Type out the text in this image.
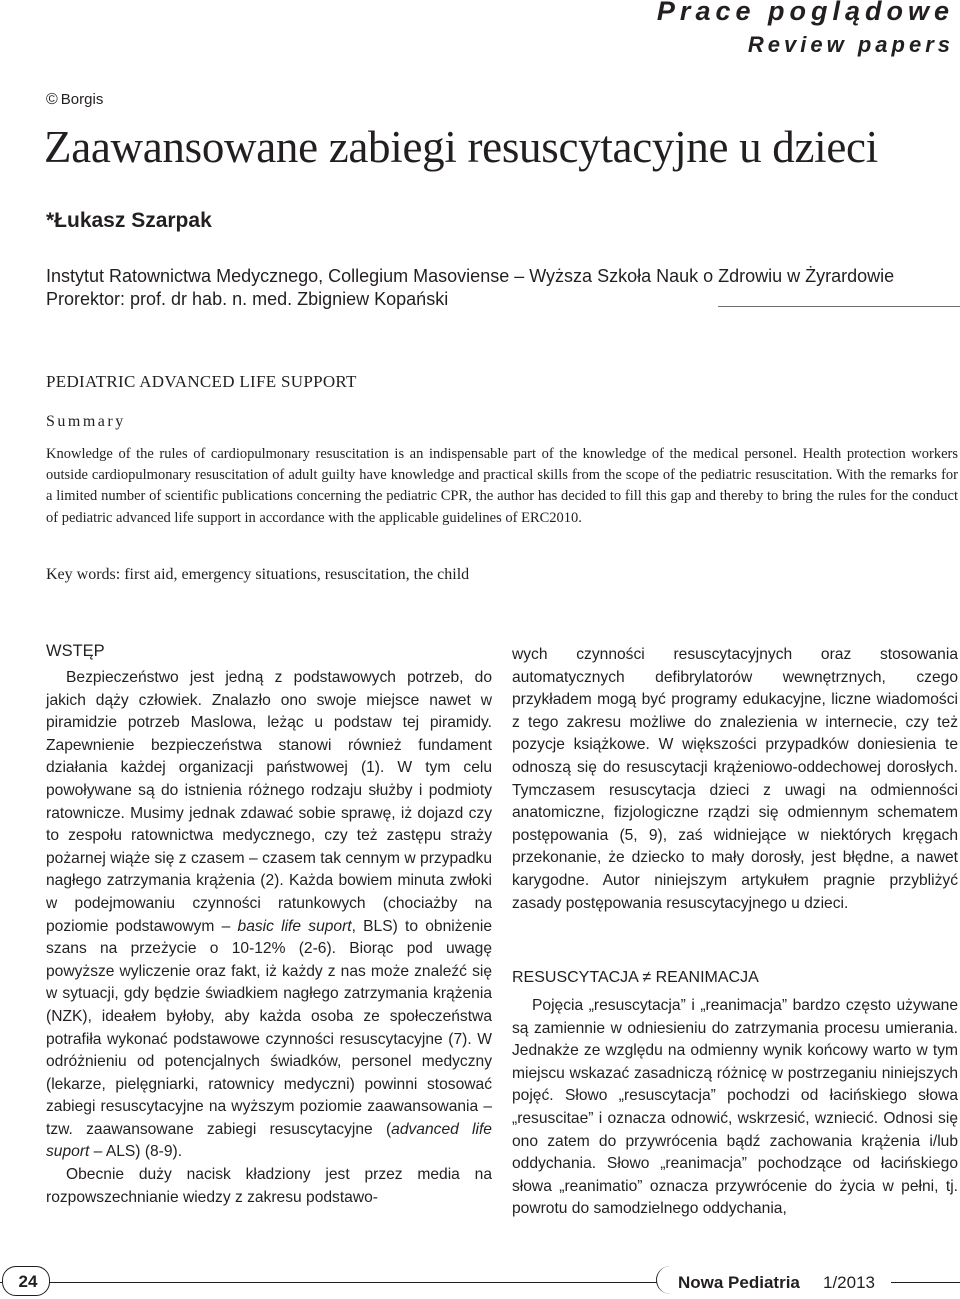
Prace poglądowe
Review papers
© Borgis
Zaawansowane zabiegi resuscytacyjne u dzieci
*Łukasz Szarpak
Instytut Ratownictwa Medycznego, Collegium Masoviense – Wyższa Szkoła Nauk o Zdrowiu w Żyrardowie
Prorektor: prof. dr hab. n. med. Zbigniew Kopański
PEDIATRIC ADVANCED LIFE SUPPORT
Summary

Knowledge of the rules of cardiopulmonary resuscitation is an indispensable part of the knowledge of the medical personel. Health protection workers outside cardiopulmonary resuscitation of adult guilty have knowledge and practical skills from the scope of the pediatric resuscitation. With the remarks for a limited number of scientific publications concerning the pediatric CPR, the author has decided to fill this gap and thereby to bring the rules for the conduct of pediatric advanced life support in accordance with the applicable guidelines of ERC2010.

Key words: first aid, emergency situations, resuscitation, the child
WSTĘP

Bezpieczeństwo jest jedną z podstawowych potrzeb, do jakich dąży człowiek. Znalazło ono swoje miejsce nawet w piramidzie potrzeb Maslowa, leżąc u podstaw tej piramidy. Zapewnienie bezpieczeństwa stanowi również fundament działania każdej organizacji państwowej (1). W tym celu powoływane są do istnienia różnego rodzaju służby i podmioty ratownicze. Musimy jednak zdawać sobie sprawę, iż dojazd czy to zespołu ratownictwa medycznego, czy też zastępu straży pożarnej wiąże się z czasem – czasem tak cennym w przypadku nagłego zatrzymania krążenia (2). Każda bowiem minuta zwłoki w podejmowaniu czynności ratunkowych (chociażby na poziomie podstawowym – basic life suport, BLS) to obniżenie szans na przeżycie o 10-12% (2-6). Biorąc pod uwagę powyższe wyliczenie oraz fakt, iż każdy z nas może znaleźć się w sytuacji, gdy będzie świadkiem nagłego zatrzymania krążenia (NZK), ideałem byłoby, aby każda osoba ze społeczeństwa potrafiła wykonać podstawowe czynności resuscytacyjne (7). W odróżnieniu od potencjalnych świadków, personel medyczny (lekarze, pielęgniarki, ratownicy medyczni) powinni stosować zabiegi resuscytacyjne na wyższym poziomie zaawansowania – tzw. zaawansowane zabiegi resuscytacyjne (advanced life suport – ALS) (8-9).

Obecnie duży nacisk kładziony jest przez media na rozpowszechnianie wiedzy z zakresu podstawo-

wych czynności resuscytacyjnych oraz stosowania automatycznych defibrylatorów wewnętrznych, czego przykładem mogą być programy edukacyjne, liczne wiadomości z tego zakresu możliwe do znalezienia w internecie, czy też pozycje książkowe. W większości przypadków doniesienia te odnoszą się do resuscytacji krążeniowo-oddechowej dorosłych. Tymczasem resuscytacja dzieci z uwagi na odmienności anatomiczne, fizjologiczne rządzi się odmiennym schematem postępowania (5, 9), zaś widniejące w niektórych kręgach przekonanie, że dziecko to mały dorosły, jest błędne, a nawet karygodne. Autor niniejszym artykułem pragnie przybliżyć zasady postępowania resuscytacyjnego u dzieci.

RESUSCYTACJA ≠ REANIMACJA

Pojęcia „resuscytacja” i „reanimacja” bardzo często używane są zamiennie w odniesieniu do zatrzymania procesu umierania. Jednakże ze względu na odmienny wynik końcowy warto w tym miejscu wskazać zasadniczą różnicę w postrzeganiu niniejszych pojęć. Słowo „resuscytacja” pochodzi od łacińskiego słowa „resuscitae” i oznacza odnowić, wskrzesić, wzniecić. Odnosi się ono zatem do przywrócenia bądź zachowania krążenia i/lub oddychania. Słowo „reanimacja” pochodzące od łacińskiego słowa „reanimatio” oznacza przywrócenie do życia w pełni, tj. powrotu do samodzielnego oddychania,

24	Nowa Pediatria 1/2013
